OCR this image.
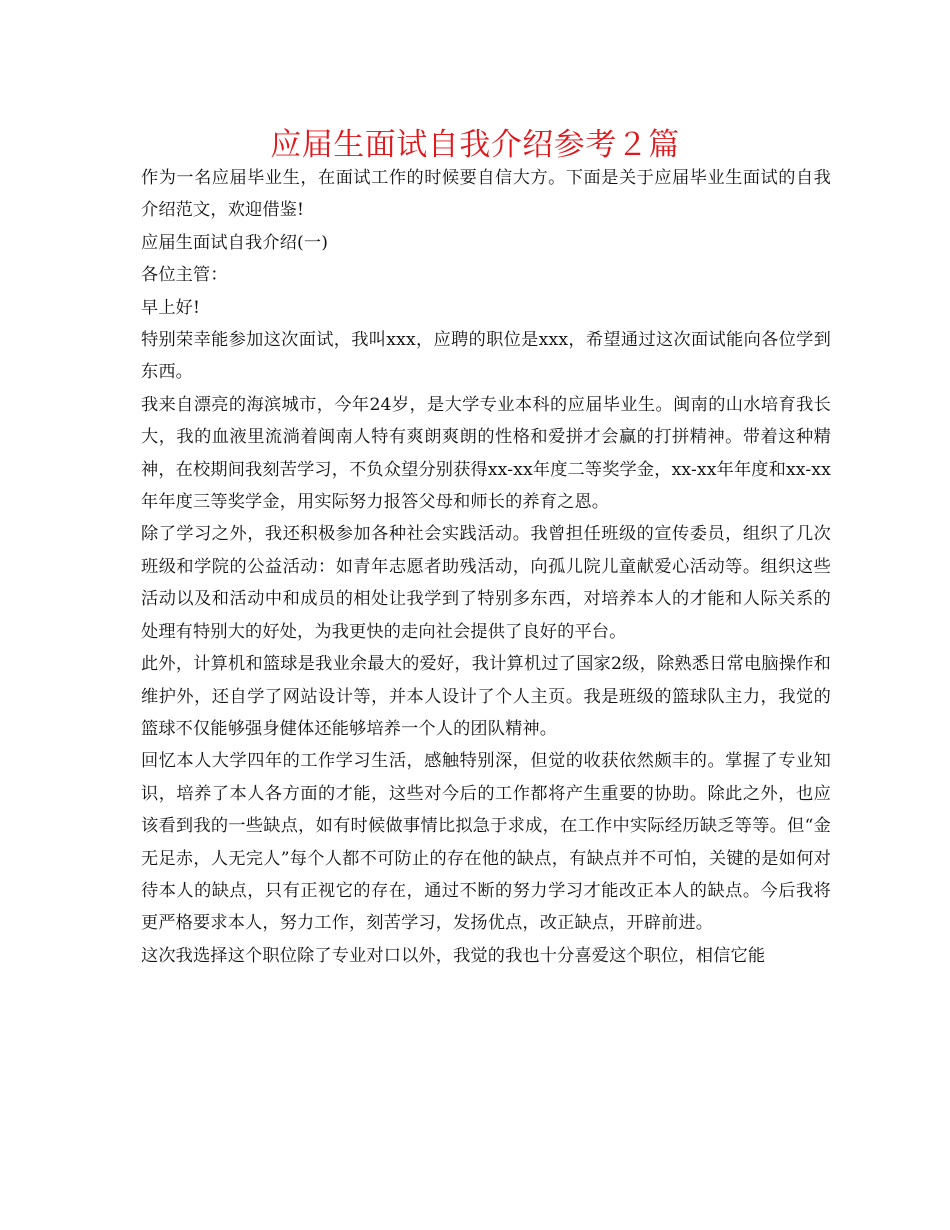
应届生面试自我介绍参考２篇

作为一名应届毕业生，在面试工作的时候要自信大方。下面是关于应届毕业生面试的自我介绍范文，欢迎借鉴!

应届生面试自我介绍(一)

各位主管：

早上好!

特别荣幸能参加这次面试，我叫xxx，应聘的职位是xxx，希望通过这次面试能向各位学到东西。

我来自漂亮的海滨城市，今年24岁，是大学专业本科的应届毕业生。闽南的山水培育我长大，我的血液里流淌着闽南人特有爽朗爽朗的性格和爱拼才会赢的打拼精神。带着这种精神，在校期间我刻苦学习，不负众望分别获得xx-xx年度二等奖学金，xx-xx年年度和xx-xx年年度三等奖学金，用实际努力报答父母和师长的养育之恩。

除了学习之外，我还积极参加各种社会实践活动。我曾担任班级的宣传委员，组织了几次班级和学院的公益活动：如青年志愿者助残活动，向孤儿院儿童献爱心活动等。组织这些活动以及和活动中和成员的相处让我学到了特别多东西，对培养本人的才能和人际关系的处理有特别大的好处，为我更快的走向社会提供了良好的平台。

此外，计算机和篮球是我业余最大的爱好，我计算机过了国家2级，除熟悉日常电脑操作和维护外，还自学了网站设计等，并本人设计了个人主页。我是班级的篮球队主力，我觉的篮球不仅能够强身健体还能够培养一个人的团队精神。

回忆本人大学四年的工作学习生活，感触特别深，但觉的收获依然颇丰的。掌握了专业知识，培养了本人各方面的才能，这些对今后的工作都将产生重要的协助。除此之外，也应该看到我的一些缺点，如有时候做事情比拟急于求成，在工作中实际经历缺乏等等。但“金无足赤，人无完人”每个人都不可防止的存在他的缺点，有缺点并不可怕，关键的是如何对待本人的缺点，只有正视它的存在，通过不断的努力学习才能改正本人的缺点。今后我将更严格要求本人，努力工作，刻苦学习，发扬优点，改正缺点，开辟前进。

这次我选择这个职位除了专业对口以外，我觉的我也十分喜爱这个职位，相信它能
